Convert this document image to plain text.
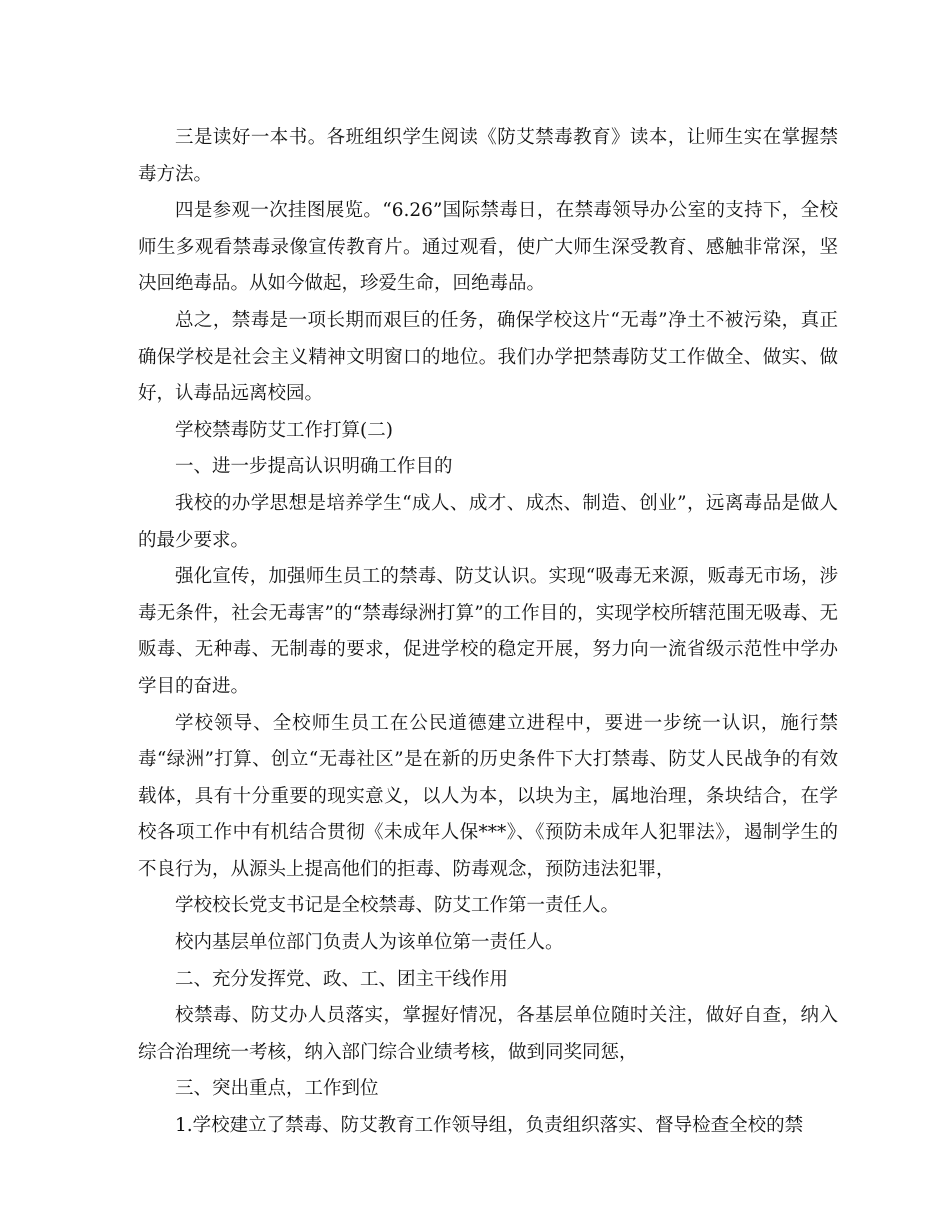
三是读好一本书。各班组织学生阅读《防艾禁毒教育》读本，让师生实在掌握禁毒方法。

四是参观一次挂图展览。“6.26”国际禁毒日，在禁毒领导办公室的支持下，全校师生多观看禁毒录像宣传教育片。通过观看，使广大师生深受教育、感触非常深，坚决回绝毒品。从如今做起，珍爱生命，回绝毒品。

总之，禁毒是一项长期而艰巨的任务，确保学校这片“无毒”净土不被污染，真正确保学校是社会主义精神文明窗口的地位。我们办学把禁毒防艾工作做全、做实、做好，认毒品远离校园。

学校禁毒防艾工作打算(二)

一、进一步提高认识明确工作目的

我校的办学思想是培养学生“成人、成才、成杰、制造、创业”，远离毒品是做人的最少要求。

强化宣传，加强师生员工的禁毒、防艾认识。实现“吸毒无来源，贩毒无市场，涉毒无条件，社会无毒害”的“禁毒绿洲打算”的工作目的，实现学校所辖范围无吸毒、无贩毒、无种毒、无制毒的要求，促进学校的稳定开展，努力向一流省级示范性中学办学目的奋进。

学校领导、全校师生员工在公民道德建立进程中，要进一步统一认识，施行禁毒“绿洲”打算、创立“无毒社区”是在新的历史条件下大打禁毒、防艾人民战争的有效载体，具有十分重要的现实意义，以人为本，以块为主，属地治理，条块结合，在学校各项工作中有机结合贯彻《未成年人保***》、《预防未成年人犯罪法》，遏制学生的不良行为，从源头上提高他们的拒毒、防毒观念，预防违法犯罪，

学校校长党支书记是全校禁毒、防艾工作第一责任人。

校内基层单位部门负责人为该单位第一责任人。

二、充分发挥党、政、工、团主干线作用

校禁毒、防艾办人员落实，掌握好情况，各基层单位随时关注，做好自查，纳入综合治理统一考核，纳入部门综合业绩考核，做到同奖同惩，

三、突出重点，工作到位

1.学校建立了禁毒、防艾教育工作领导组，负责组织落实、督导检查全校的禁
